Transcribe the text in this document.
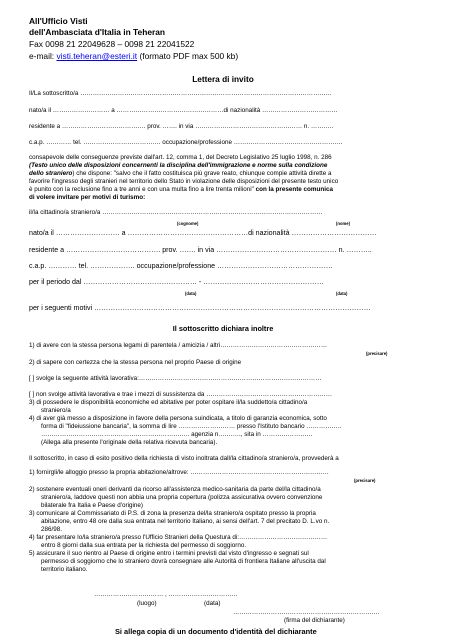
All'Ufficio Visti
dell'Ambasciata d'Italia in Teheran
Fax 0098 21 22049628 – 0098 21 22041522
e-mail: visti.teheran@esteri.it (formato PDF max 500 kb)
Lettera di invito
Il/La sottoscritto/a …………………………………………………………………………………………………………
nato/a il ……………………… a ……………………………………………di nazionalità ………………………………
residente a …………………………………. prov. ……. in via …………………………………………… n. ………..
c.a.p. ………… tel. ………………………………. occupazione/professione …………………………………………….
consapevole delle conseguenze previste dall'art. 12, comma 1, del Decreto Legislativo 25 luglio 1998, n. 286
(Testo unico delle disposizioni concernenti la disciplina dell'immigrazione e norme sulla condizione
dello straniero) che dispone: "salvo che il fatto costituisca più grave reato, chiunque compie attività dirette a
favorire l'ingresso degli stranieri nel territorio dello Stato in violazione delle disposizioni del presente testo unico
è punito con la reclusione fino a tre anni e con una multa fino a lire trenta milioni" con la presente comunica
di volere invitare per motivi di turismo:
il/la cittadino/a straniero/a ……………………………………………………………………………………………
(cognome)	(nome)
nato/a il ……………………… a ……………………………………………di nazionalità ………………………………
residente a …………………………………. prov. ……. in via …………………………………………… n. ………..
c.a.p. ………… tel. ………………. occupazione/professione ………………………………………….
per il periodo dal ………………………………………… - ……………………………………………
(data)	(data)
per i seguenti motivi ………………………………………………………………………………………………………
Il sottoscritto dichiara inoltre
1) di avere con la stessa persona legami di parentela / amicizia / altri……………………………………………
(precisare)
2) di sapere con certezza che la stessa persona nel proprio Paese di origine
[ ] svolge la seguente attività lavorativa:……………………………………………………………………………
[ ] non svolge attività lavorativa e trae i mezzi di sussistenza da ……………………………………………………
3) di possedere le disponibilità economiche ed abitative per poter ospitare il/la suddetto/a cittadino/a
straniero/a
4) di aver già messo a disposizione in favore della persona suindicata, a titolo di garanzia economica, sotto
forma di "fideiussione bancaria", la somma di lire ……………………… presso l'Istituto bancario ……………..
…………………………………………………………….. agenzia n.………., sita in ……………………
(Allega alla presente l'originale della relativa ricevuta bancaria).
Il sottoscritto, in caso di esito positivo della richiesta di visto inoltrata dall/la cittadino/a straniero/a, provvederà a
1) fornirgli/le alloggio presso la propria abitazione/altrove: …………………………………………………………
(precisare)
2) sostenere eventuali oneri derivanti da ricorso all'assistenza medico-sanitaria da parte del/la cittadino/a
straniero/a, laddove questi non abbia una propria copertura (polizza assicurativa ovvero convenzione
bilaterale fra Italia e Paese d'origine)
3) comunicare al Commissariato di P.S. di zona la presenza del/la straniero/a ospitato presso la propria
abitazione, entro 48 ore dalla sua entrata nel territorio Italiano, ai sensi dell'art. 7 del precitato D. L.vo n.
286/98.
4) far presentare lo/la straniero/a presso l'Ufficio Stranieri della Questura di:……………………………………
entro 8 giorni dalla sua entrata per la richiesta del permesso di soggiorno.
5) assicurare il suo rientro al Paese di origine entro i termini previsti dal visto d'ingresso e segnati sul
permesso di soggiorno che lo straniero dovrà consegnare alle Autorità di frontiera Italiane all'uscita dal
territorio italiano.
…………………………… , ……………………………
(luogo)	(data)
…………………………………………………………….
(firma del dichiarante)
Si allega copia di un documento d'identità del dichiarante
